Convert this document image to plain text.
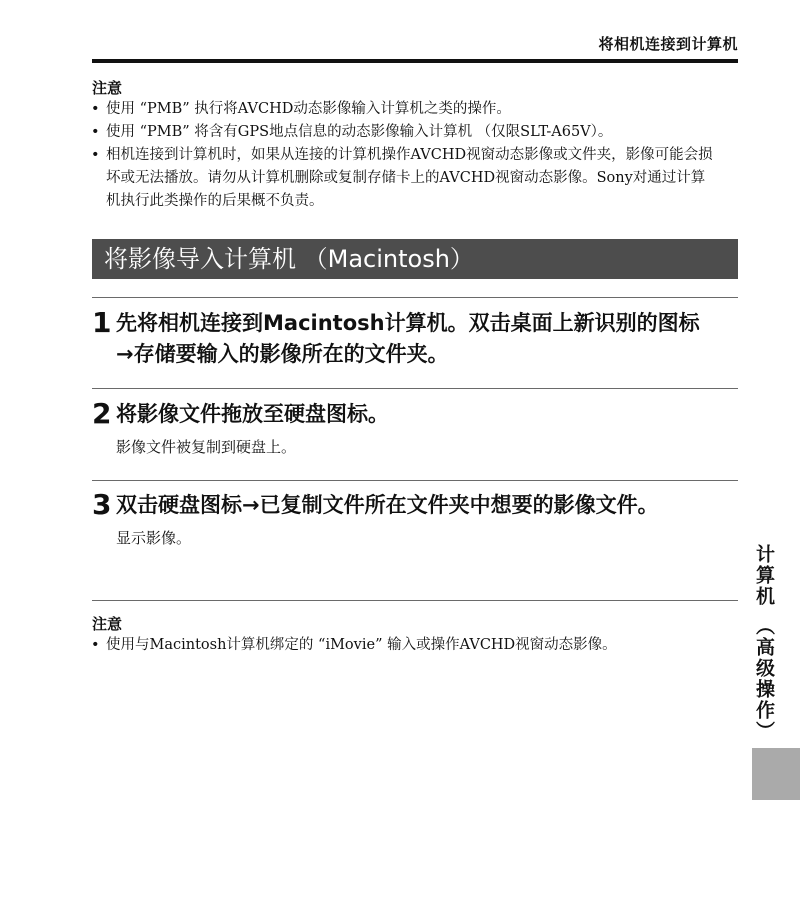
将相机连接到计算机
注意
• 使用 “PMB” 执行将AVCHD动态影像输入计算机之类的操作。
• 使用 “PMB” 将含有GPS地点信息的动态影像输入计算机 （仅限SLT-A65V）。
• 相机连接到计算机时，如果从连接的计算机操作AVCHD视窗动态影像或文件夹，影像可能会损坏或无法播放。请勿从计算机删除或复制存储卡上的AVCHD视窗动态影像。Sony对通过计算机执行此类操作的后果概不负责。
将影像导入计算机 （Macintosh）
1 先将相机连接到Macintosh计算机。双击桌面上新识别的图标→存储要输入的影像所在的文件夹。
2 将影像文件拖放至硬盘图标。
影像文件被复制到硬盘上。
3 双击硬盘图标→已复制文件所在文件夹中想要的影像文件。
显示影像。
注意
• 使用与Macintosh计算机绑定的 “iMovie” 输入或操作AVCHD视窗动态影像。	计算机 （高级操作）
